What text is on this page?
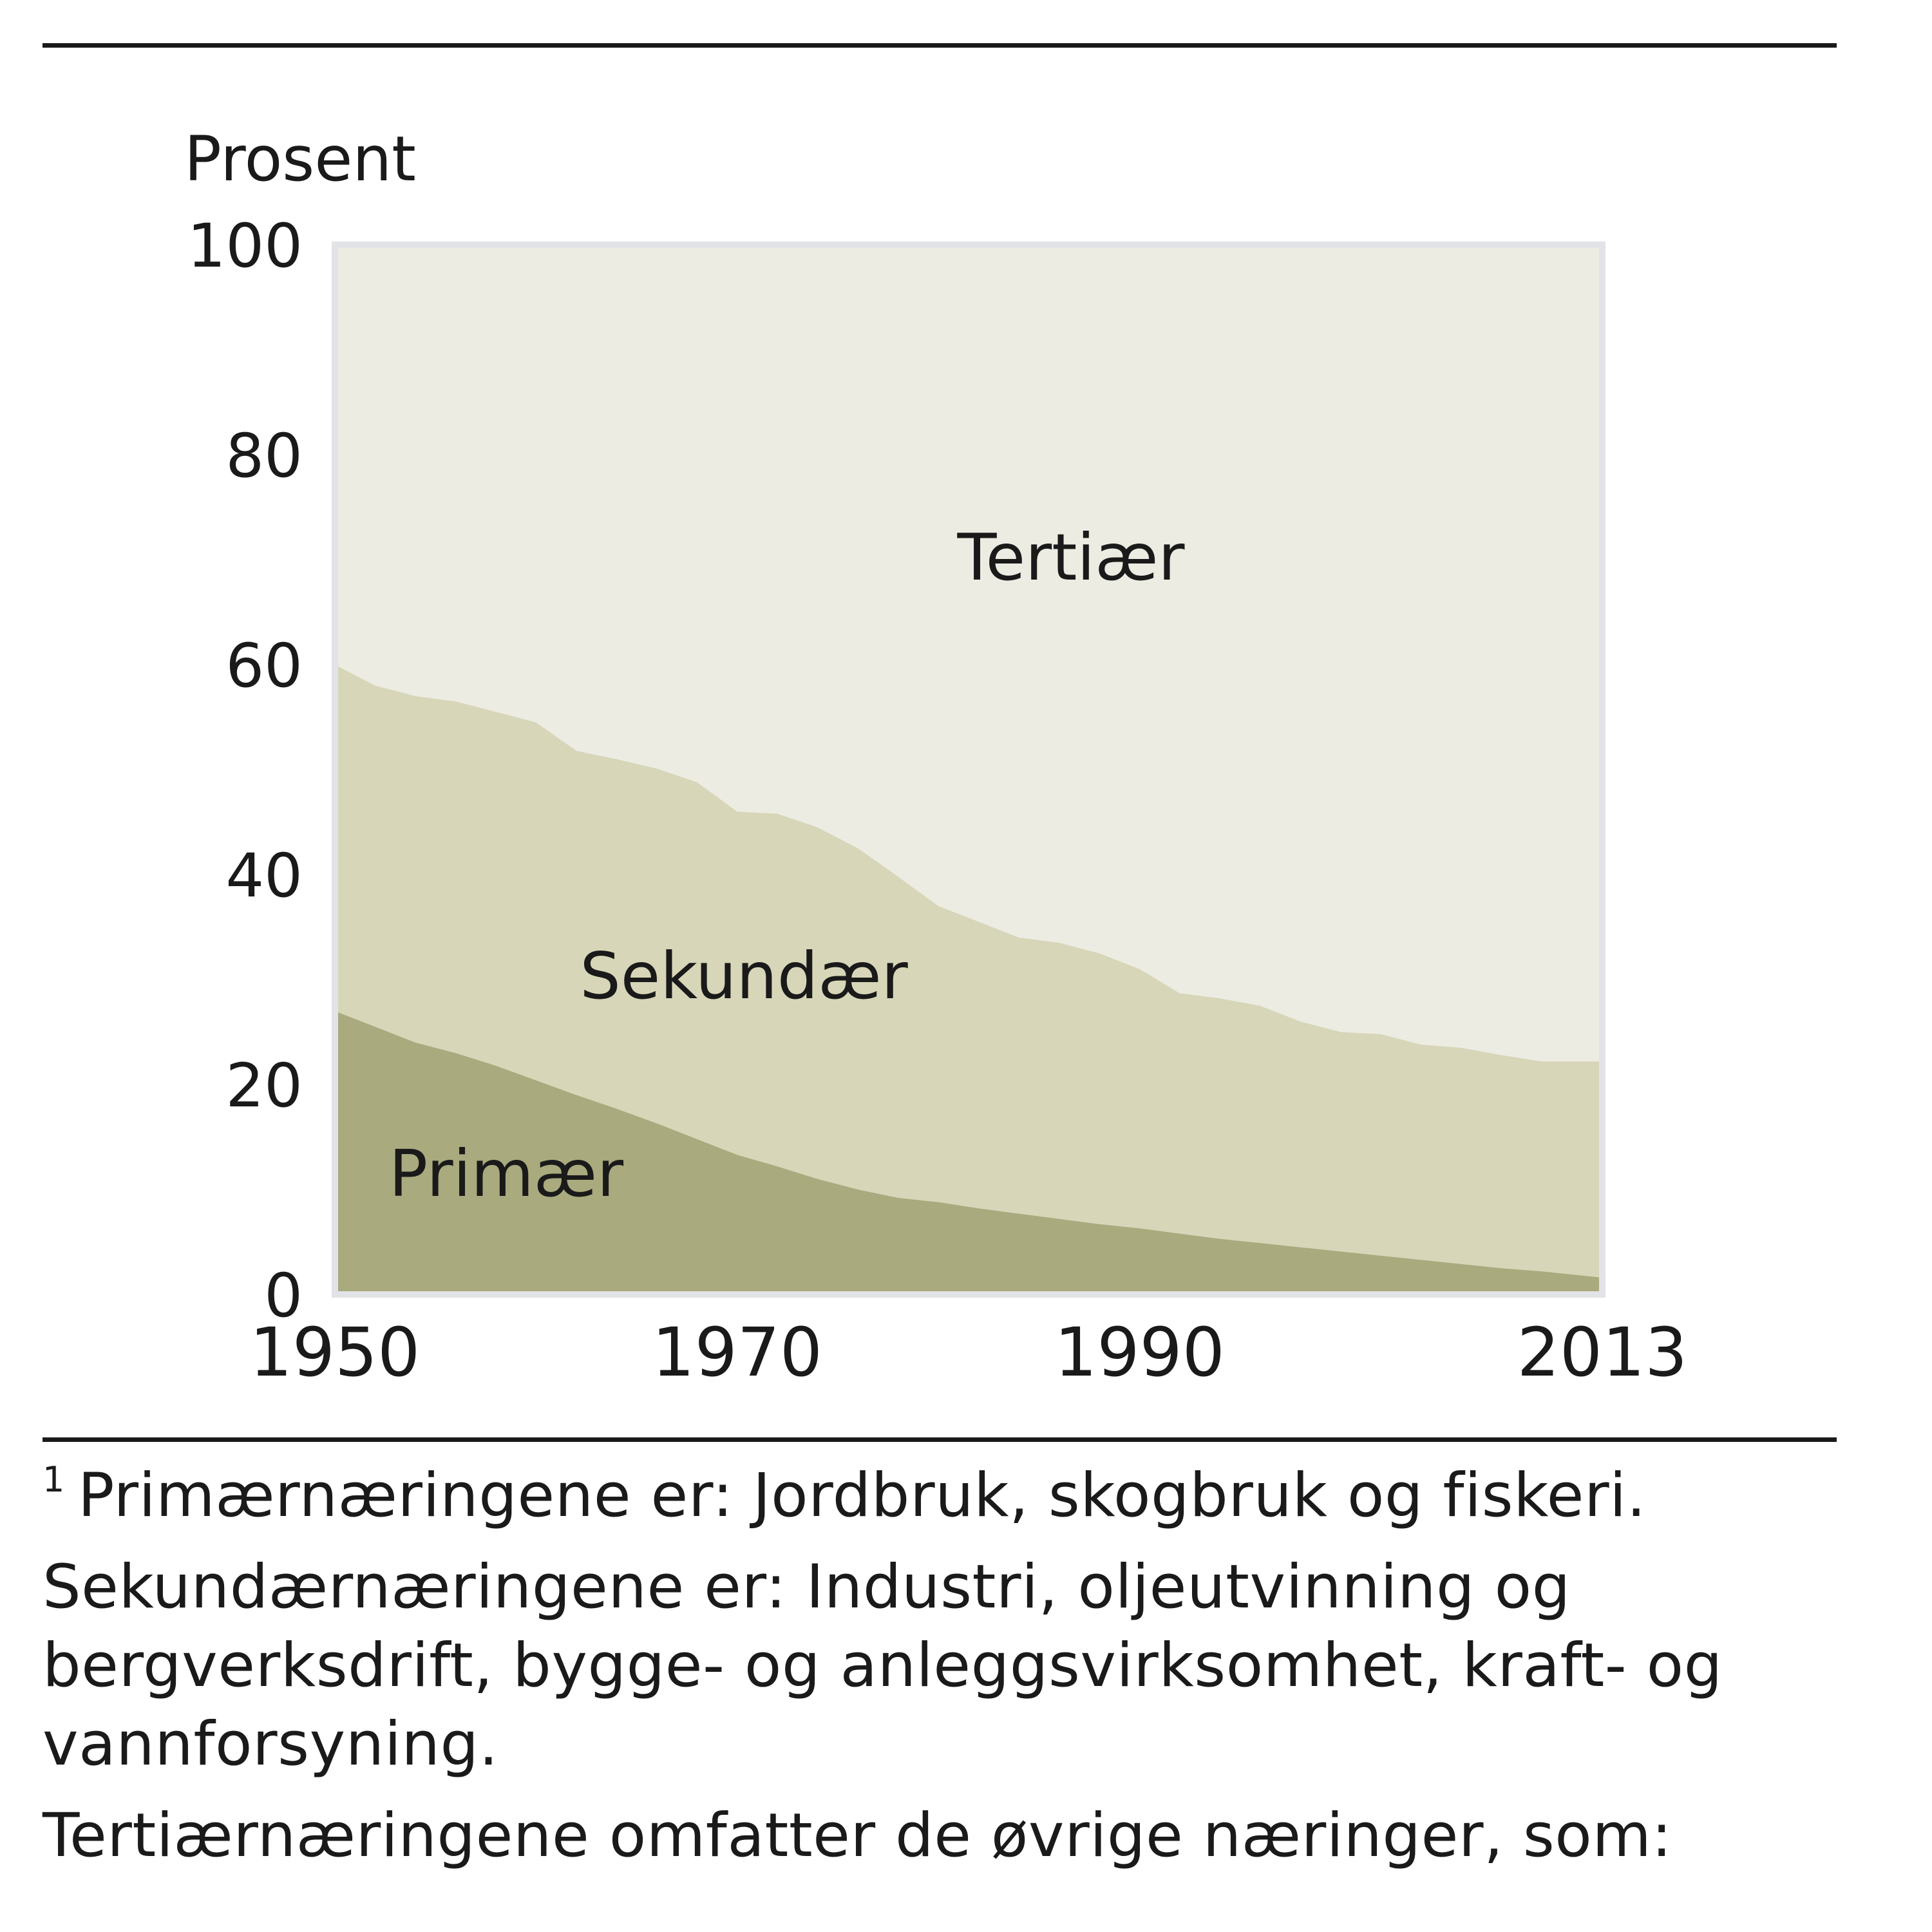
0
20
40
60
80
100
1950	1970	1990	2013
Prosent
Tertiær
Sekundær
Primær

$^1$ Primærnæringene er: Jordbruk, skogbruk og fiskeri.

Sekundærnæringene er: Industri, oljeutvinning og bergverksdrift, bygge- og anleggsvirksomhet, kraft- og vannforsyning.

Tertiærnæringene omfatter de øvrige næringer, som:
